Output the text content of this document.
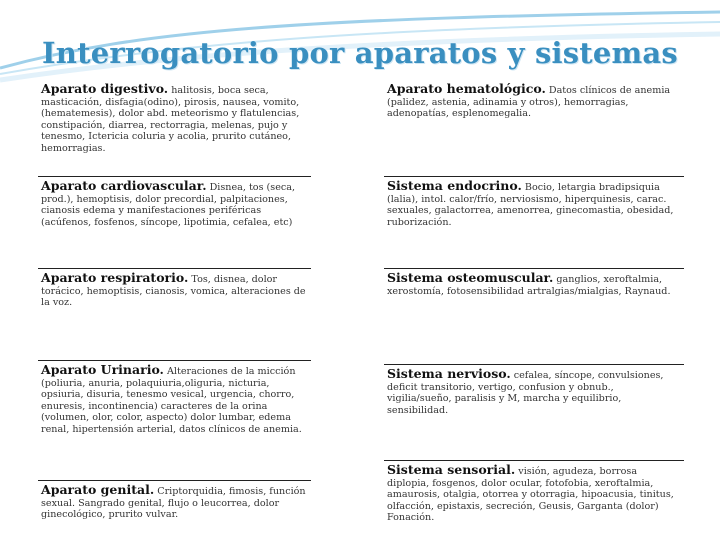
Interrogatorio por aparatos y sistemas
Aparato digestivo. halitosis, boca seca, masticación, disfagia(odino), pirosis, nausea, vomito, (hematemesis), dolor abd. meteorismo y flatulencias, constipación, diarrea, rectorragia, melenas, pujo y tenesmo, Ictericia coluria y acolia, prurito cutáneo, hemorragias.
Aparato cardiovascular. Disnea, tos (seca, prod.), hemoptisis, dolor precordial, palpitaciones, cianosis edema y manifestaciones periféricas (acúfenos, fosfenos, síncope, lipotimia, cefalea, etc)
Aparato respiratorio. Tos, disnea, dolor torácico, hemoptisis, cianosis, vomica, alteraciones de la voz.
Aparato Urinario. Alteraciones de la micción (poliuria, anuria, polaquiuria,oliguria, nicturia, opsiuria, disuria, tenesmo vesical, urgencia, chorro, enuresis, incontinencia) caracteres de la orina (volumen, olor, color, aspecto) dolor lumbar, edema renal, hipertensión arterial, datos clínicos de anemia.
Aparato genital. Criptorquidia, fimosis, función sexual. Sangrado genital, flujo o leucorrea, dolor ginecológico, prurito vulvar.
Aparato hematológico. Datos clínicos de anemia (palidez, astenia, adinamia y otros), hemorragias, adenopatías, esplenomegalia.
Sistema endocrino. Bocio, letargia bradipsiquia (lalia), intol. calor/frío, nerviosismo, hiperquinesis, carac. sexuales, galactorrea, amenorrea, ginecomastia, obesidad, ruborización.
Sistema osteomuscular. ganglios, xeroftalmia, xerostomía, fotosensibilidad artralgias/mialgias, Raynaud.
Sistema nervioso. cefalea, síncope, convulsiones, deficit transitorio, vertigo, confusion y obnub., vigilia/sueño, paralisis y M, marcha y equilibrio, sensibilidad.
Sistema sensorial. visión, agudeza, borrosa diplopia, fosgenos, dolor ocular, fotofobia, xeroftalmia, amaurosis, otalgia, otorrea y otorragia, hipoacusia, tinitus, olfacción, epistaxis, secreción, Geusis, Garganta (dolor) Fonación.
